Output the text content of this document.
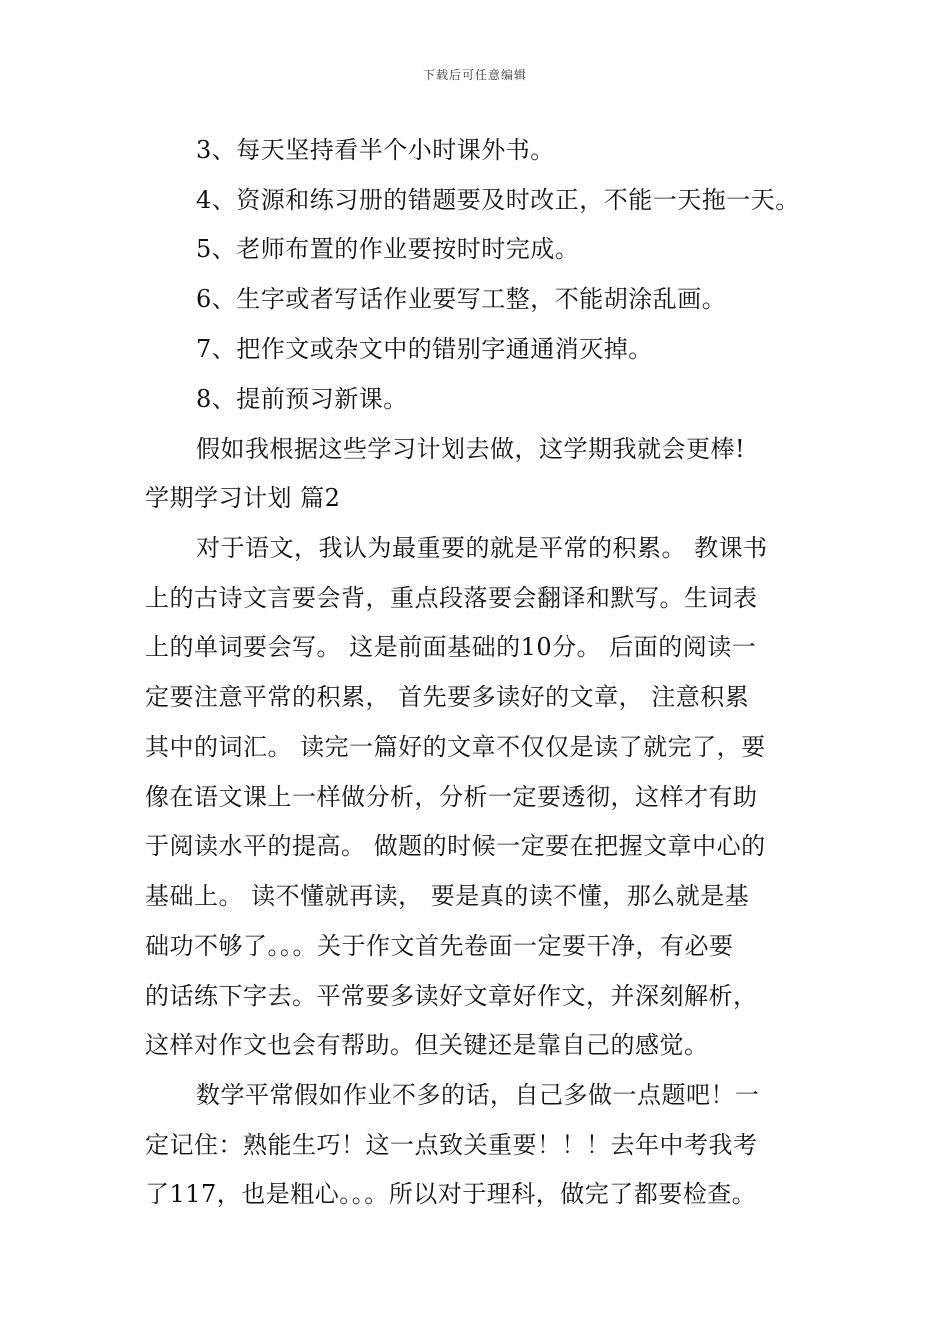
下载后可任意编辑
3、每天坚持看半个小时课外书。
4、资源和练习册的错题要及时改正，不能一天拖一天。
5、老师布置的作业要按时时完成。
6、生字或者写话作业要写工整，不能胡涂乱画。
7、把作文或杂文中的错别字通通消灭掉。
8、提前预习新课。
假如我根据这些学习计划去做，这学期我就会更棒!
学期学习计划 篇2
对于语文，我认为最重要的就是平常的积累。 教课书
上的古诗文言要会背，重点段落要会翻译和默写。生词表
上的单词要会写。 这是前面基础的10分。 后面的阅读一
定要注意平常的积累， 首先要多读好的文章， 注意积累
其中的词汇。 读完一篇好的文章不仅仅是读了就完了，要
像在语文课上一样做分析，分析一定要透彻，这样才有助
于阅读水平的提高。 做题的时候一定要在把握文章中心的
基础上。 读不懂就再读， 要是真的读不懂，那么就是基
础功不够了。。。关于作文首先卷面一定要干净，有必要
的话练下字去。平常要多读好文章好作文，并深刻解析，
这样对作文也会有帮助。但关键还是靠自己的感觉。
数学平常假如作业不多的话，自己多做一点题吧！一
定记住：熟能生巧！这一点致关重要！！！去年中考我考
了117，也是粗心。。。所以对于理科，做完了都要检查。
